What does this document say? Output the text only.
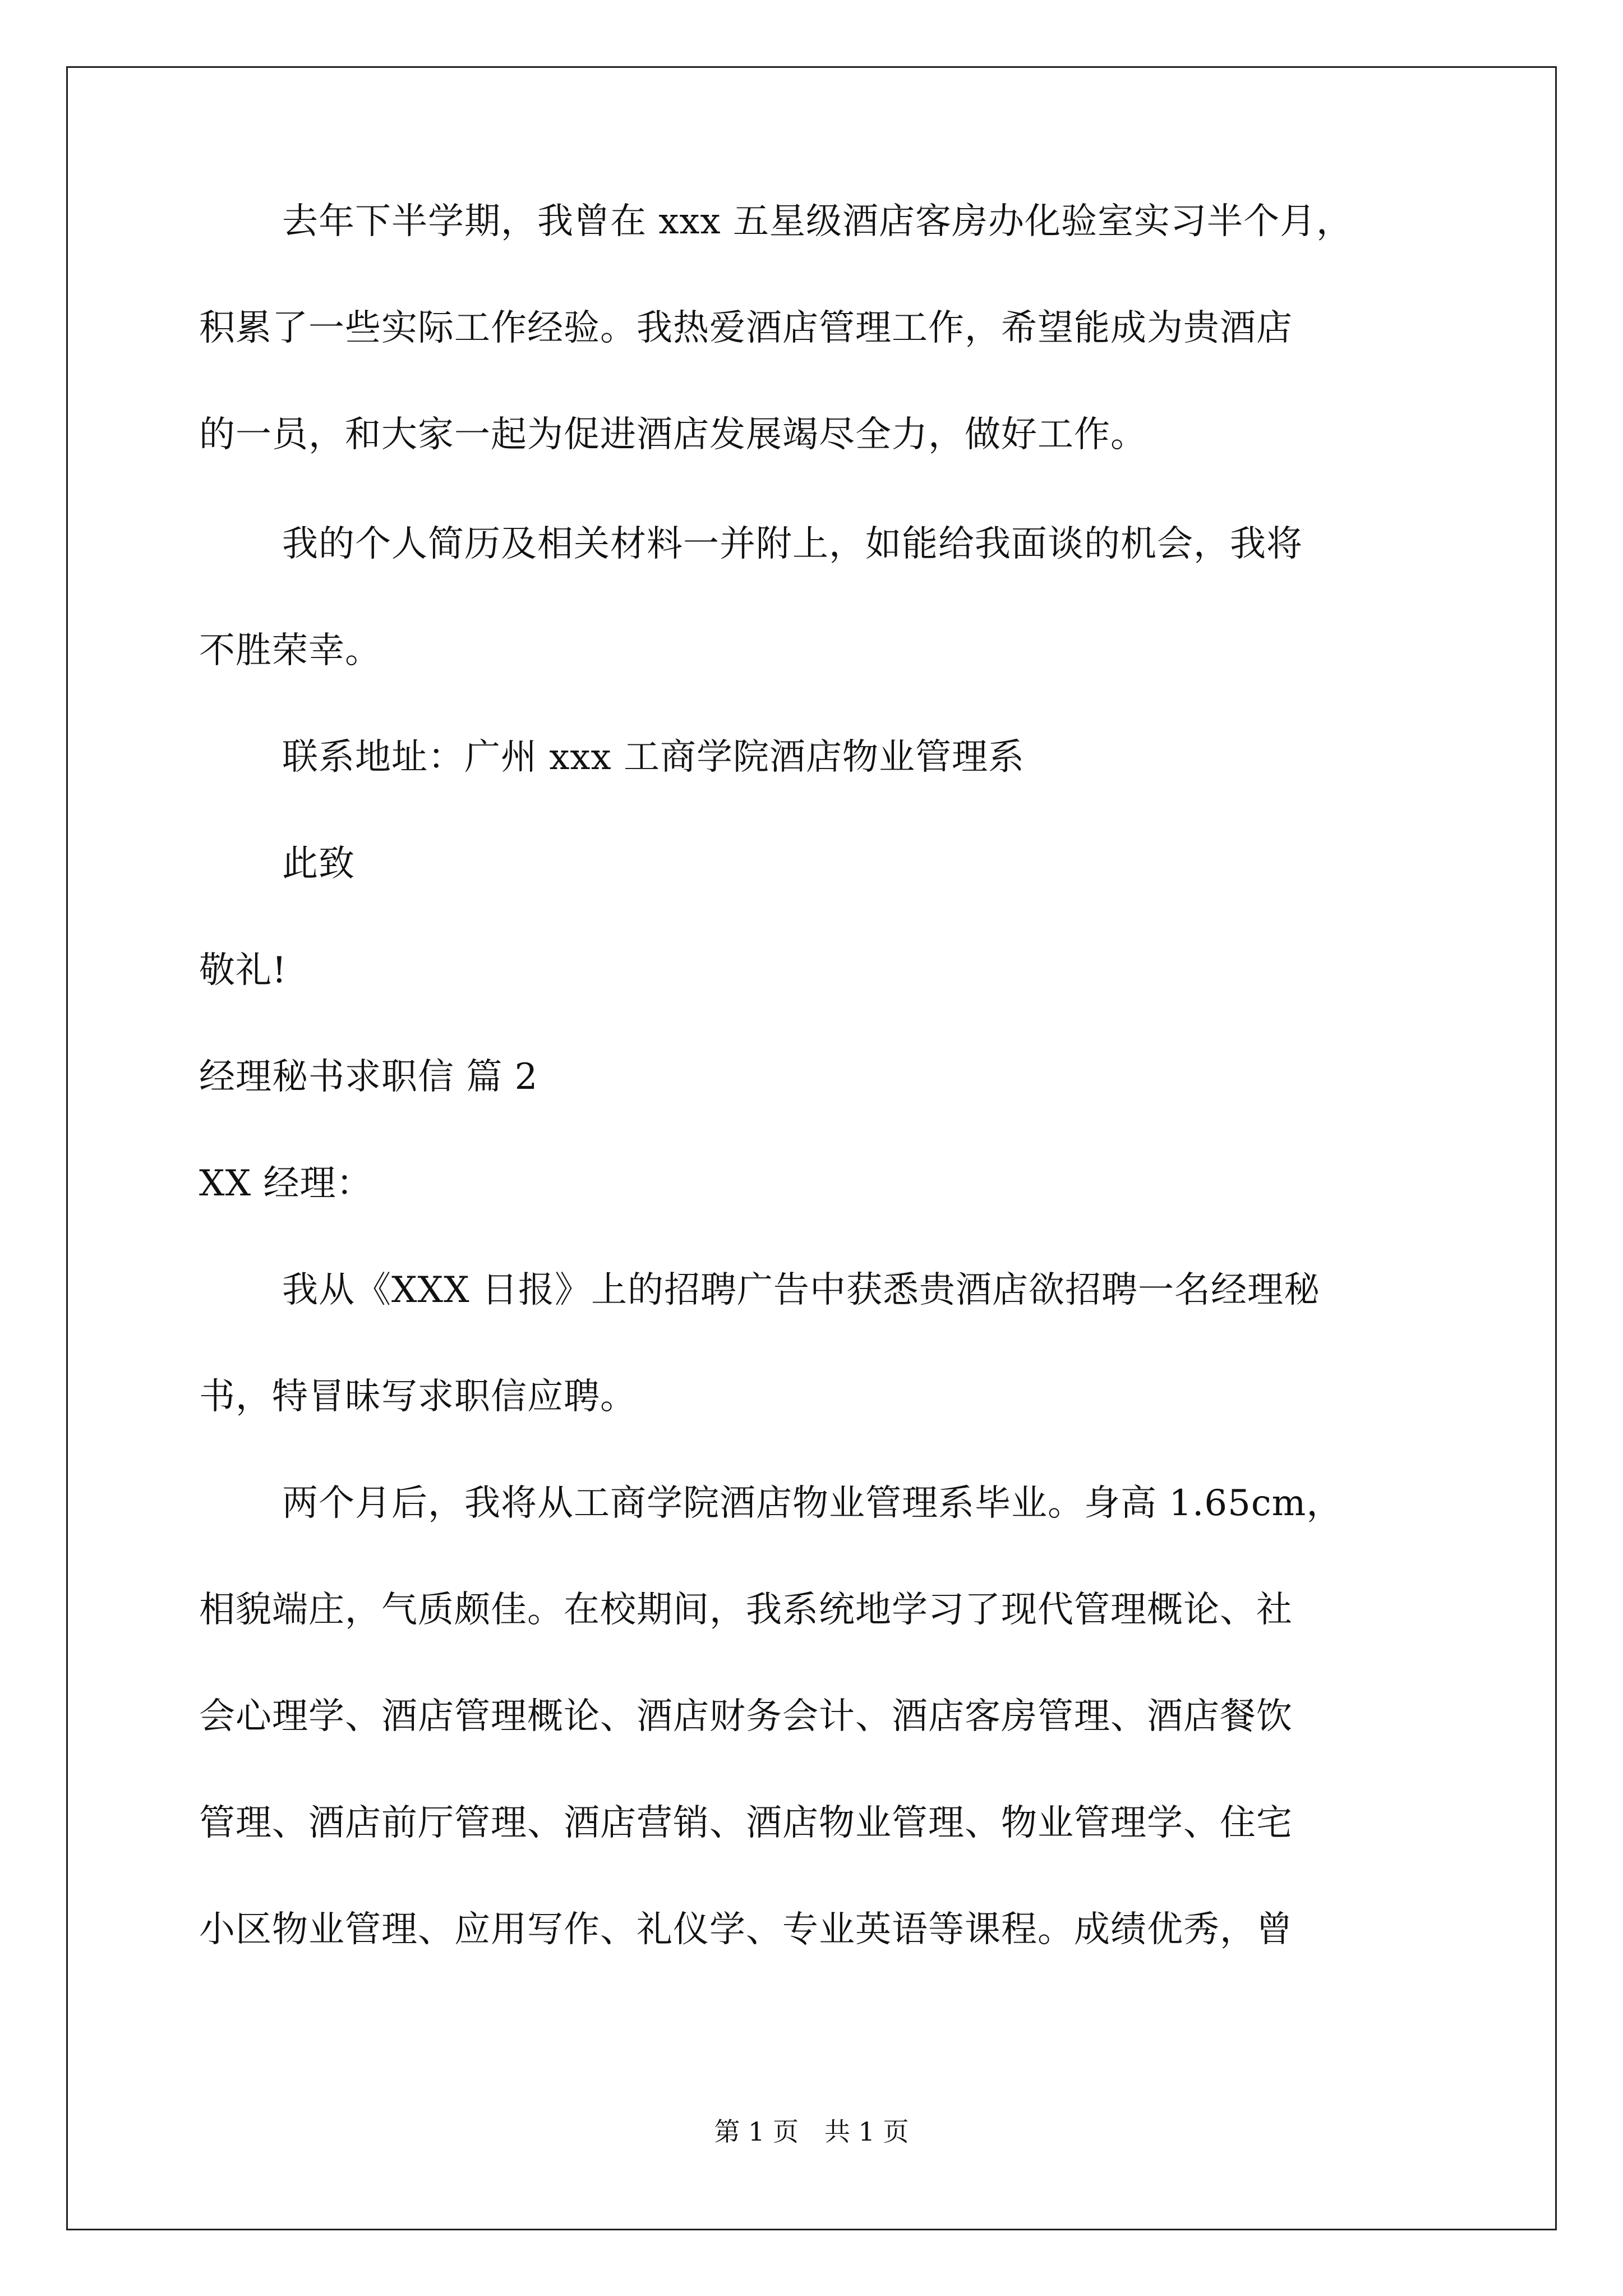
去年下半学期，我曾在 xxx 五星级酒店客房办化验室实习半个月，
积累了一些实际工作经验。我热爱酒店管理工作，希望能成为贵酒店
的一员，和大家一起为促进酒店发展竭尽全力，做好工作。
我的个人简历及相关材料一并附上，如能给我面谈的机会，我将
不胜荣幸。
联系地址：广州 xxx 工商学院酒店物业管理系
此致
敬礼!
经理秘书求职信 篇 2
XX 经理：
我从《XXX 日报》上的招聘广告中获悉贵酒店欲招聘一名经理秘
书，特冒昧写求职信应聘。
两个月后，我将从工商学院酒店物业管理系毕业。身高 1.65cm，
相貌端庄，气质颇佳。在校期间，我系统地学习了现代管理概论、社
会心理学、酒店管理概论、酒店财务会计、酒店客房管理、酒店餐饮
管理、酒店前厅管理、酒店营销、酒店物业管理、物业管理学、住宅
小区物业管理、应用写作、礼仪学、专业英语等课程。成绩优秀，曾
第 1 页　共 1 页
